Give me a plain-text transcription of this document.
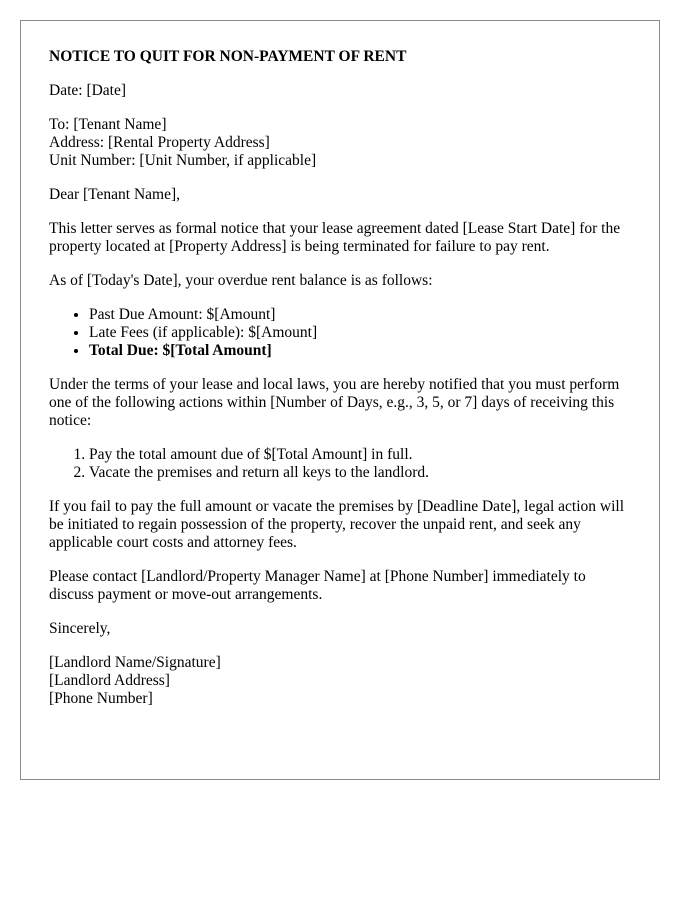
NOTICE TO QUIT FOR NON-PAYMENT OF RENT

Date: [Date]

To: [Tenant Name]
Address: [Rental Property Address]
Unit Number: [Unit Number, if applicable]

Dear [Tenant Name],

This letter serves as formal notice that your lease agreement dated [Lease Start Date] for the property located at [Property Address] is being terminated for failure to pay rent.

As of [Today's Date], your overdue rent balance is as follows:

• Past Due Amount: $[Amount]
• Late Fees (if applicable): $[Amount]
• Total Due: $[Total Amount]

Under the terms of your lease and local laws, you are hereby notified that you must perform one of the following actions within [Number of Days, e.g., 3, 5, or 7] days of receiving this notice:

1. Pay the total amount due of $[Total Amount] in full.
2. Vacate the premises and return all keys to the landlord.

If you fail to pay the full amount or vacate the premises by [Deadline Date], legal action will be initiated to regain possession of the property, recover the unpaid rent, and seek any applicable court costs and attorney fees.

Please contact [Landlord/Property Manager Name] at [Phone Number] immediately to discuss payment or move-out arrangements.

Sincerely,

[Landlord Name/Signature]
[Landlord Address]
[Phone Number]
